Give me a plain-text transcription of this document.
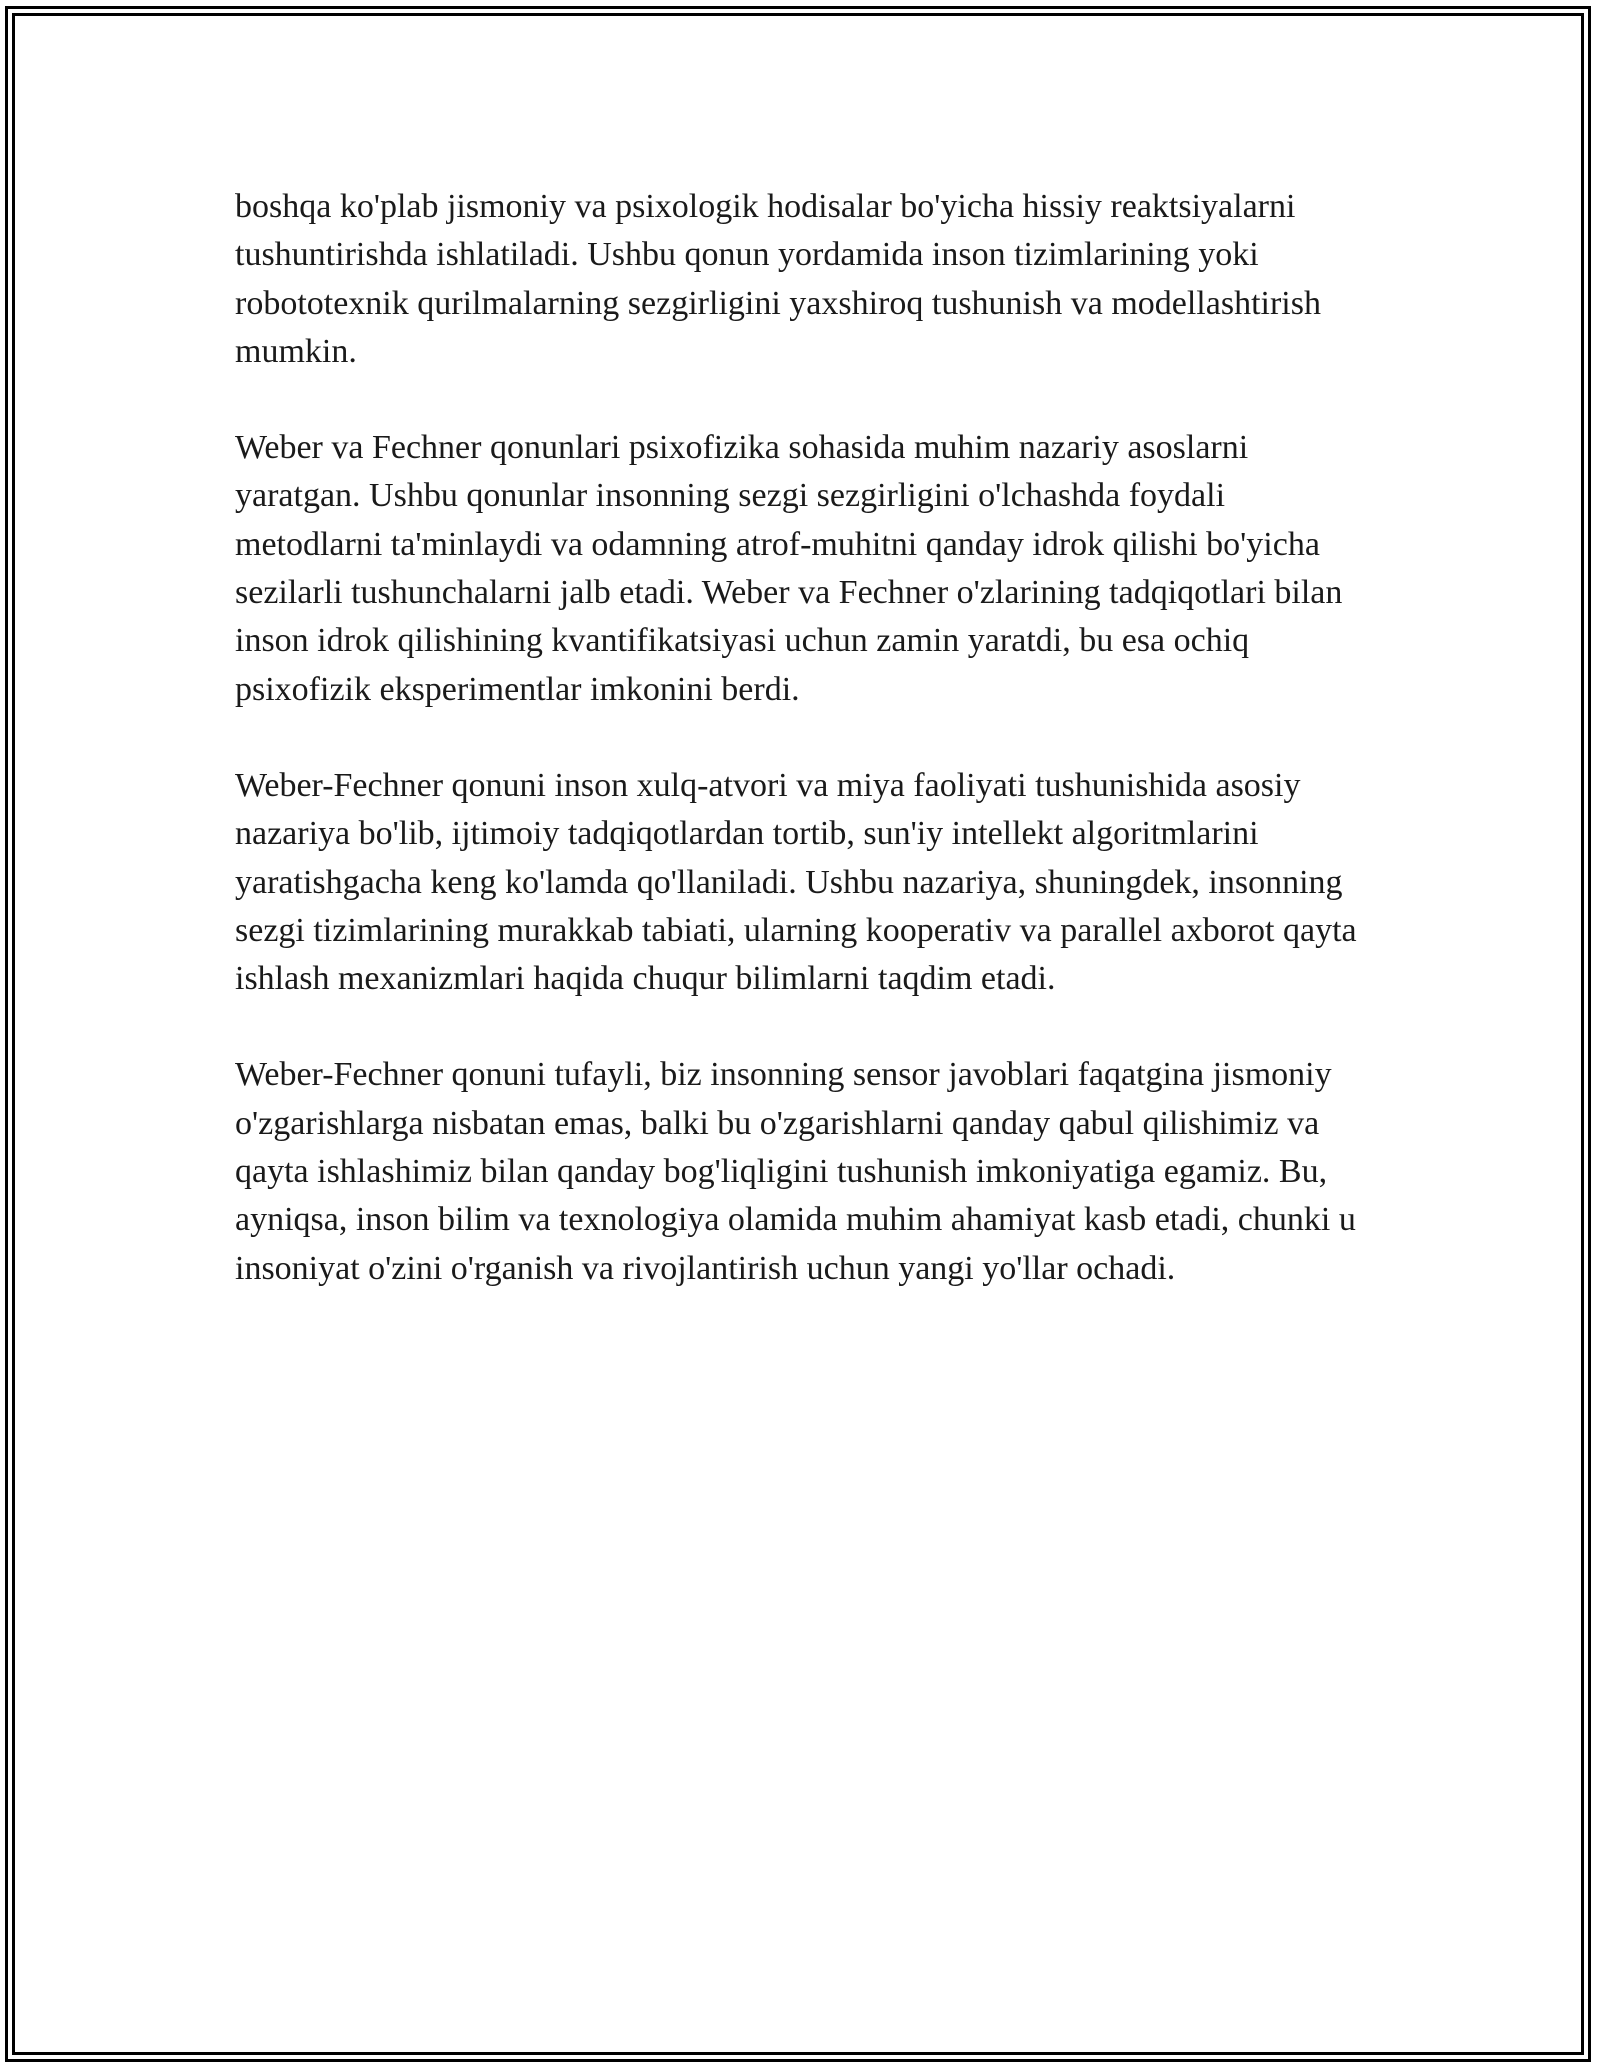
boshqa ko'plab jismoniy va psixologik hodisalar bo'yicha hissiy reaktsiyalarni tushuntirishda ishlatiladi. Ushbu qonun yordamida inson tizimlarining yoki robototexnik qurilmalarning sezgirligini yaxshiroq tushunish va modellashtirish mumkin.

Weber va Fechner qonunlari psixofizika sohasida muhim nazariy asoslarni yaratgan. Ushbu qonunlar insonning sezgi sezgirligini o'lchashda foydali metodlarni ta'minlaydi va odamning atrof-muhitni qanday idrok qilishi bo'yicha sezilarli tushunchalarni jalb etadi. Weber va Fechner o'zlarining tadqiqotlari bilan inson idrok qilishining kvantifikatsiyasi uchun zamin yaratdi, bu esa ochiq psixofizik eksperimentlar imkonini berdi.

Weber-Fechner qonuni inson xulq-atvori va miya faoliyati tushunishida asosiy nazariya bo'lib, ijtimoiy tadqiqotlardan tortib, sun'iy intellekt algoritmlarini yaratishgacha keng ko'lamda qo'llaniladi. Ushbu nazariya, shuningdek, insonning sezgi tizimlarining murakkab tabiati, ularning kooperativ va parallel axborot qayta ishlash mexanizmlari haqida chuqur bilimlarni taqdim etadi.

Weber-Fechner qonuni tufayli, biz insonning sensor javoblari faqatgina jismoniy o'zgarishlarga nisbatan emas, balki bu o'zgarishlarni qanday qabul qilishimiz va qayta ishlashimiz bilan qanday bog'liqligini tushunish imkoniyatiga egamiz. Bu, ayniqsa, inson bilim va texnologiya olamida muhim ahamiyat kasb etadi, chunki u insoniyat o'zini o'rganish va rivojlantirish uchun yangi yo'llar ochadi.
